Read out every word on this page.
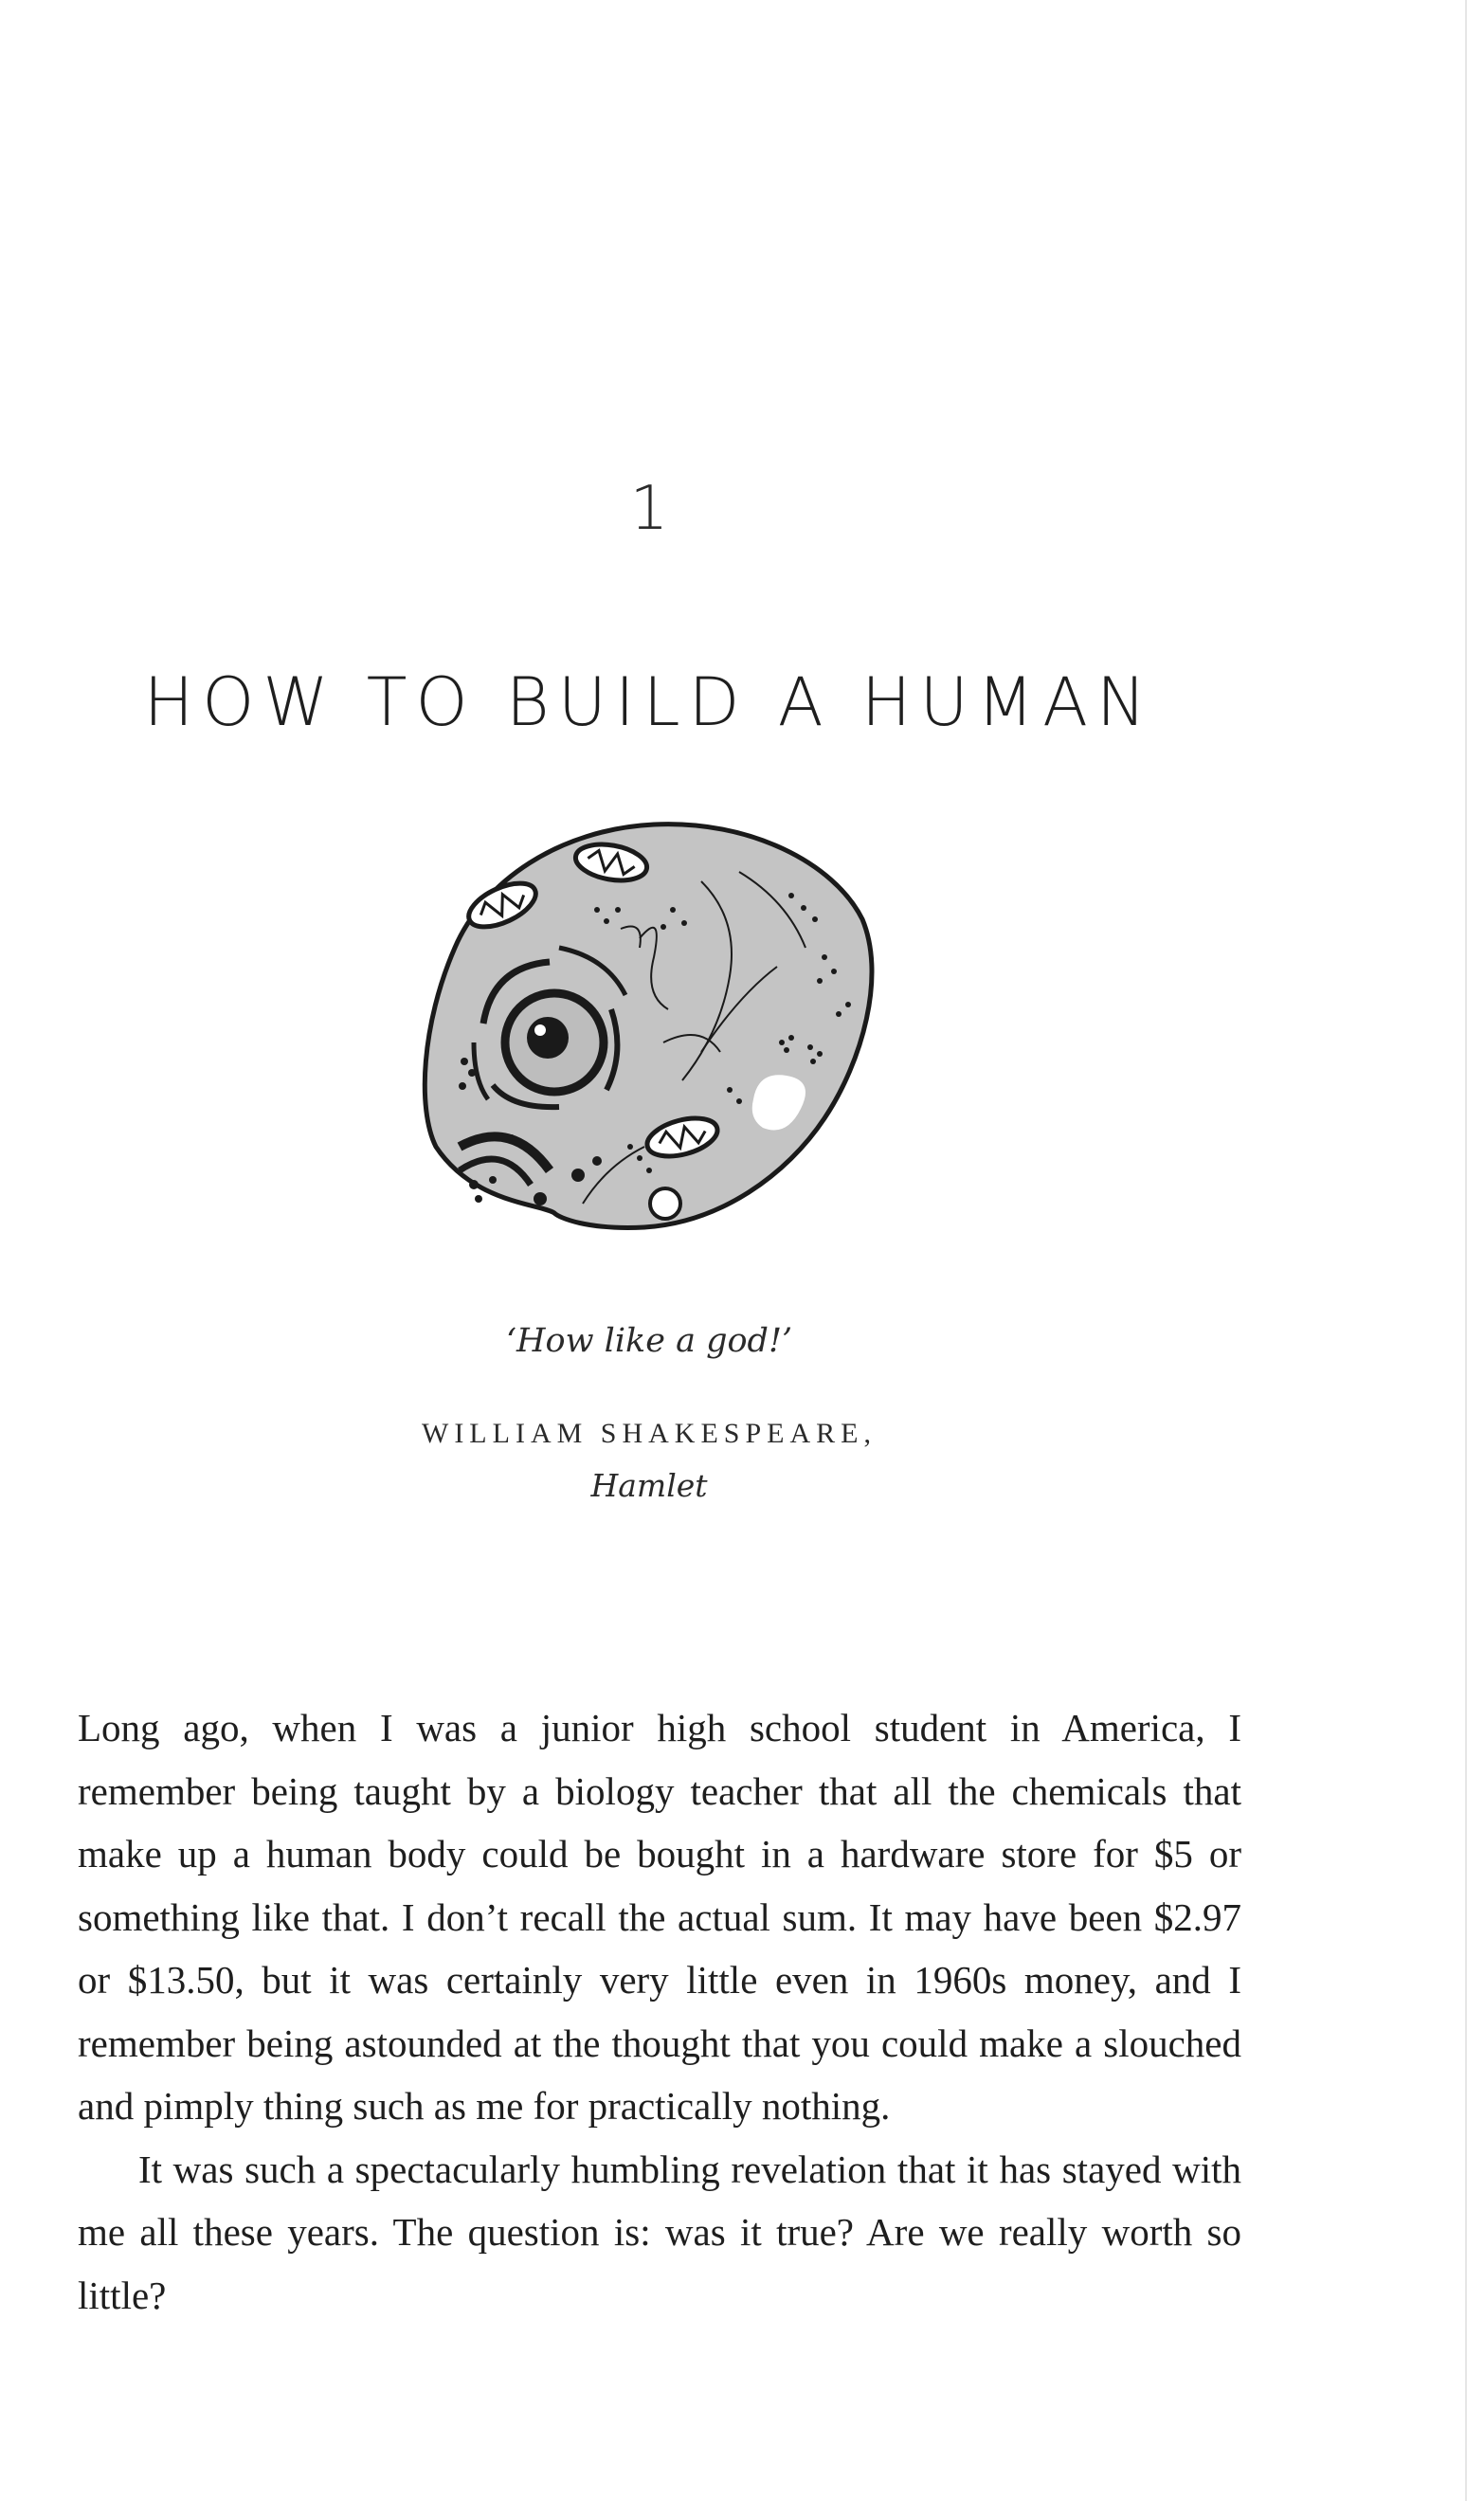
1
HOW TO BUILD A HUMAN
‘How like a god!’
WILLIAM SHAKESPEARE,
Hamlet

Long ago, when I was a junior high school student in America, I remember being taught by a biology teacher that all the chemicals that make up a human body could be bought in a hardware store for $5 or something like that. I don’t recall the actual sum. It may have been $2.97 or $13.50, but it was certainly very little even in 1960s money, and I remember being astounded at the thought that you could make a slouched and pimply thing such as me for practically nothing.

It was such a spectacularly humbling revelation that it has stayed with me all these years. The question is: was it true? Are we really worth so little?
